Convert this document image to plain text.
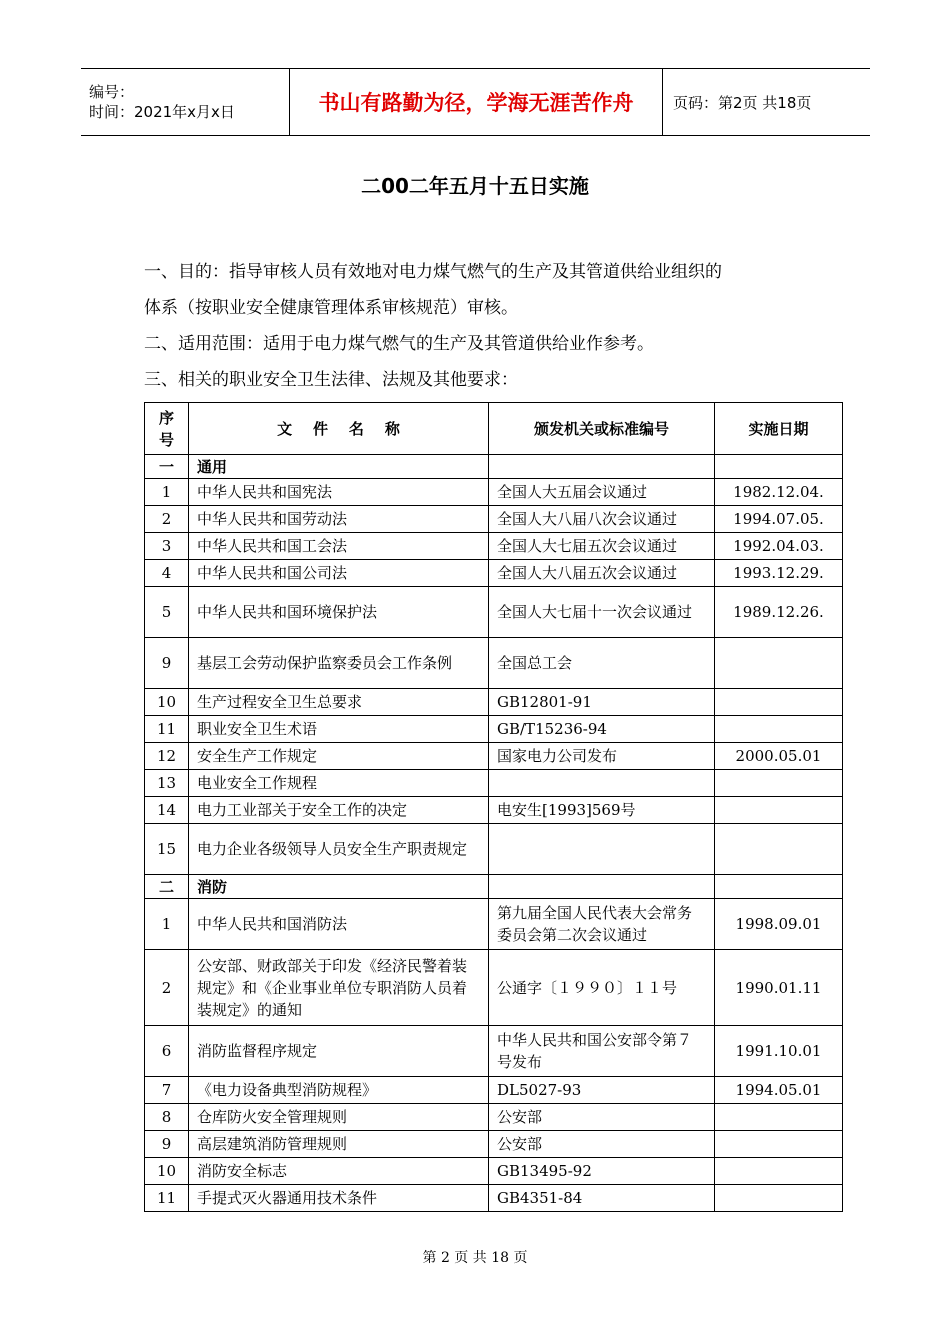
编号：
时间：2021年x月x日	书山有路勤为径，学海无涯苦作舟	页码：第2页 共18页
二00二年五月十五日实施
一、目的：指导审核人员有效地对电力煤气燃气的生产及其管道供给业组织的
体系（按职业安全健康管理体系审核规范）审核。
二、适用范围：适用于电力煤气燃气的生产及其管道供给业作参考。
三、相关的职业安全卫生法律、法规及其他要求：
序号	文    件    名    称	颁发机关或标准编号	实施日期
一	通用		
1	中华人民共和国宪法	全国人大五届会议通过	1982.12.04.
2	中华人民共和国劳动法	全国人大八届八次会议通过	1994.07.05.
3	中华人民共和国工会法	全国人大七届五次会议通过	1992.04.03.
4	中华人民共和国公司法	全国人大八届五次会议通过	1993.12.29.
5	中华人民共和国环境保护法	全国人大七届十一次会议通过	1989.12.26.
9	基层工会劳动保护监察委员会工作条例	全国总工会	
10	生产过程安全卫生总要求	GB12801-91	
11	职业安全卫生术语	GB/T15236-94	
12	安全生产工作规定	国家电力公司发布	2000.05.01
13	电业安全工作规程		
14	电力工业部关于安全工作的决定	电安生[1993]569号	
15	电力企业各级领导人员安全生产职责规定		
二	消防		
1	中华人民共和国消防法	第九届全国人民代表大会常务委员会第二次会议通过	1998.09.01
2	公安部、财政部关于印发《经济民警着装规定》和《企业事业单位专职消防人员着装规定》的通知	公通字〔１９９０〕１１号	1990.01.11
6	消防监督程序规定	中华人民共和国公安部令第７号发布	1991.10.01
7	《电力设备典型消防规程》	DL5027-93	1994.05.01
8	仓库防火安全管理规则	公安部	
9	高层建筑消防管理规则	公安部	
10	消防安全标志	GB13495-92	
11	手提式灭火器通用技术条件	GB4351-84	
第 2 页 共 18 页
